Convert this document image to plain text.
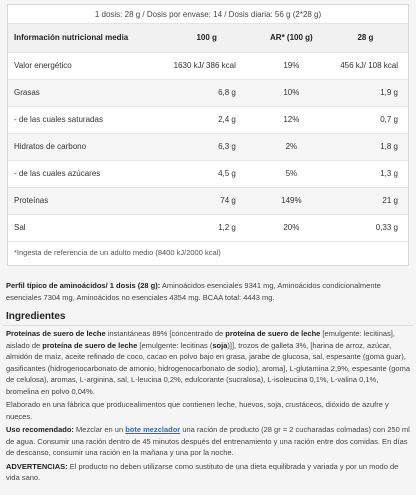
1 dosis: 28 g / Dosis por envase: 14 / Dosis diaria: 56 g (2*28 g)
Información nutricional media	100 g	AR* (100 g)	28 g
Valor energético	1630 kJ/ 386 kcal	19%	456 kJ/ 108 kcal
Grasas	6,8 g	10%	1,9 g
- de las cuales saturadas	2,4 g	12%	0,7 g
Hidratos de carbono	6,3 g	2%	1,8 g
- de las cuales azúcares	4,5 g	5%	1,3 g
Proteínas	74 g	149%	21 g
Sal	1,2 g	20%	0,33 g
*Ingesta de referencia de un adulto medio (8400 kJ/2000 kcal)
Perfil típico de aminoácidos/ 1 dosis (28 g): Aminoácidos esenciales 9341 mg, Aminoácidos condicionalmente esenciales 7304 mg, Aminoácidos no esenciales 4354 mg. BCAA total: 4443 mg.
Ingredientes
Proteínas de suero de leche instantáneas 89% [concentrado de proteína de suero de leche [emulgente: lecitinas], aislado de proteína de suero de leche [emulgente: lecitinas (soja)]], trozos de galleta 3%, [harina de arroz, azúcar, almidón de maíz, aceite refinado de coco, cacao en polvo bajo en grasa, jarabe de glucosa, sal, espesante (goma guar), gasificantes (hidrogenocarbonato de amonio, hidrogenocarbonato de sodio), aroma], L-glutamina 2,9%, espesante (goma de celulosa), aromas, L-arginina, sal, L-leucina 0,2%, edulcorante (sucralosa), L-isoleucina 0,1%, L-valina 0,1%, bromelina en polvo 0,04%.
Elaborado en una fábrica que producealimentos que contienen leche, huevos, soja, crustáceos, dióxido de azufre y nueces.
Uso recomendado: Mezclar en un bote mezclador una ración de producto (28 gr = 2 cucharadas colmadas) con 250 ml de agua. Consumir una ración dentro de 45 minutos después del entrenamiento y una ración entre dos comidas. En días de descanso, consumir una ración en la mañana y una por la noche.
ADVERTENCIAS: El producto no deben utilizarse como sustituto de una dieta equilibrada y variada y por un modo de vida sano.
